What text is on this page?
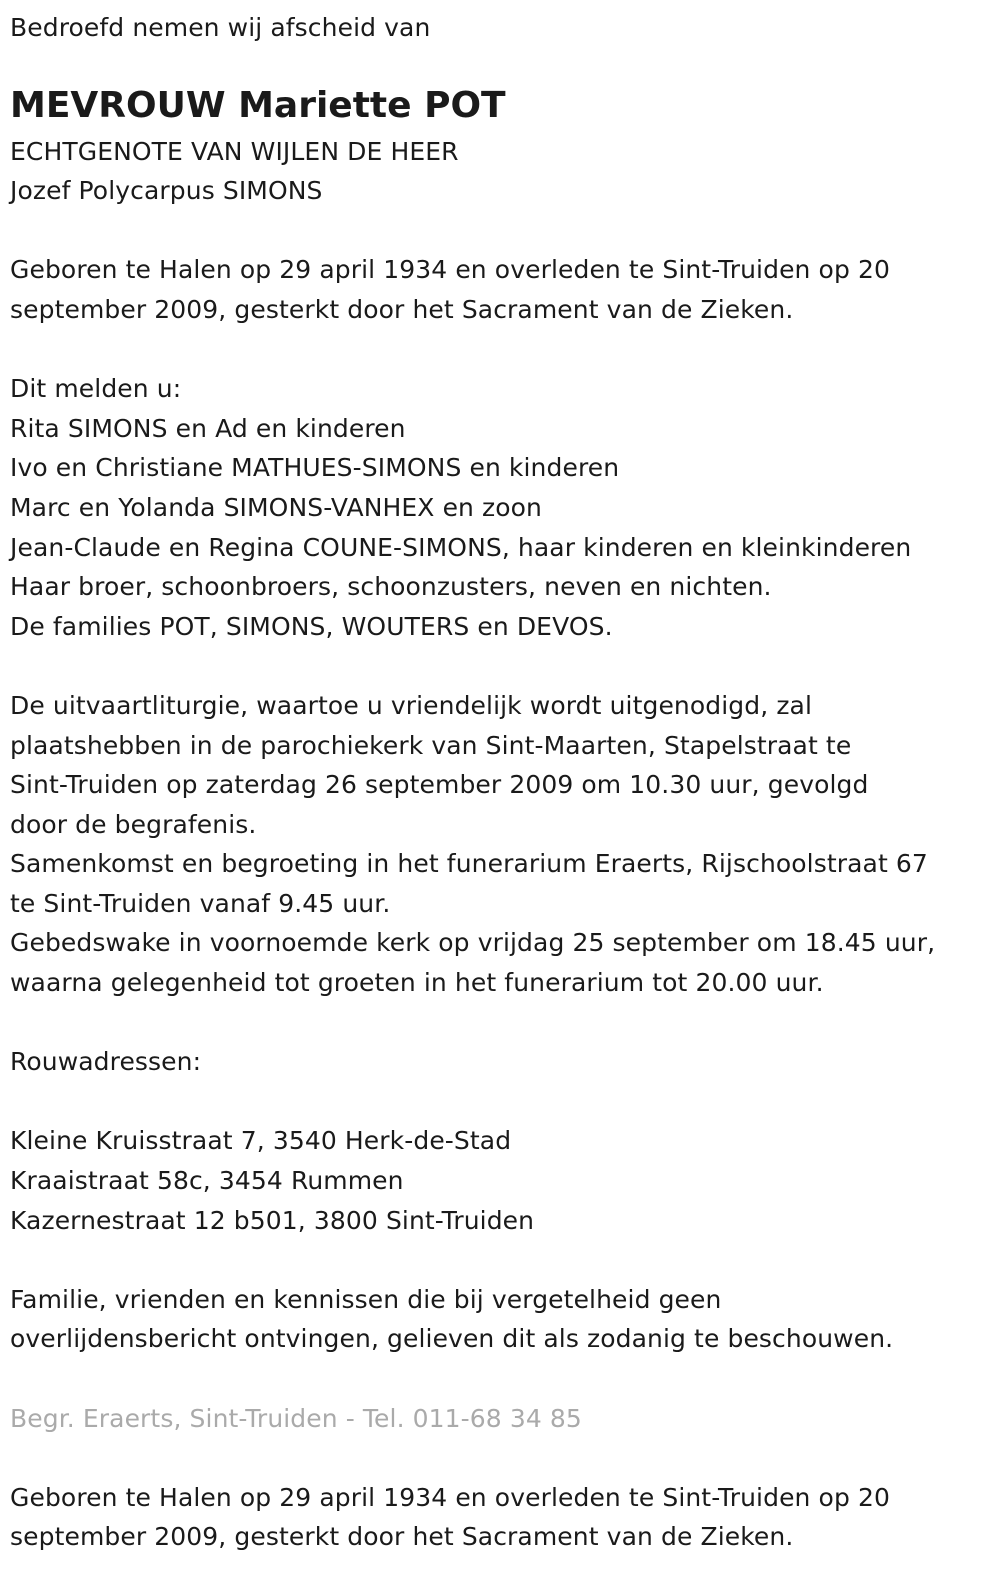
Bedroefd nemen wij afscheid van
MEVROUW Mariette POT
ECHTGENOTE VAN WIJLEN DE HEER
Jozef Polycarpus SIMONS
Geboren te Halen op 29 april 1934 en overleden te Sint-Truiden op 20
september 2009, gesterkt door het Sacrament van de Zieken.
Dit melden u:
Rita SIMONS en Ad en kinderen
Ivo en Christiane MATHUES-SIMONS en kinderen
Marc en Yolanda SIMONS-VANHEX en zoon
Jean-Claude en Regina COUNE-SIMONS, haar kinderen en kleinkinderen
Haar broer, schoonbroers, schoonzusters, neven en nichten.
De families POT, SIMONS, WOUTERS en DEVOS.
De uitvaartliturgie, waartoe u vriendelijk wordt uitgenodigd, zal
plaatshebben in de parochiekerk van Sint-Maarten, Stapelstraat te
Sint-Truiden op zaterdag 26 september 2009 om 10.30 uur, gevolgd
door de begrafenis.
Samenkomst en begroeting in het funerarium Eraerts, Rijschoolstraat 67
te Sint-Truiden vanaf 9.45 uur.
Gebedswake in voornoemde kerk op vrijdag 25 september om 18.45 uur,
waarna gelegenheid tot groeten in het funerarium tot 20.00 uur.
Rouwadressen:
Kleine Kruisstraat 7, 3540 Herk-de-Stad
Kraaistraat 58c, 3454 Rummen
Kazernestraat 12 b501, 3800 Sint-Truiden
Familie, vrienden en kennissen die bij vergetelheid geen
overlijdensbericht ontvingen, gelieven dit als zodanig te beschouwen.
Begr. Eraerts, Sint-Truiden - Tel. 011-68 34 85
Geboren te Halen op 29 april 1934 en overleden te Sint-Truiden op 20
september 2009, gesterkt door het Sacrament van de Zieken.
